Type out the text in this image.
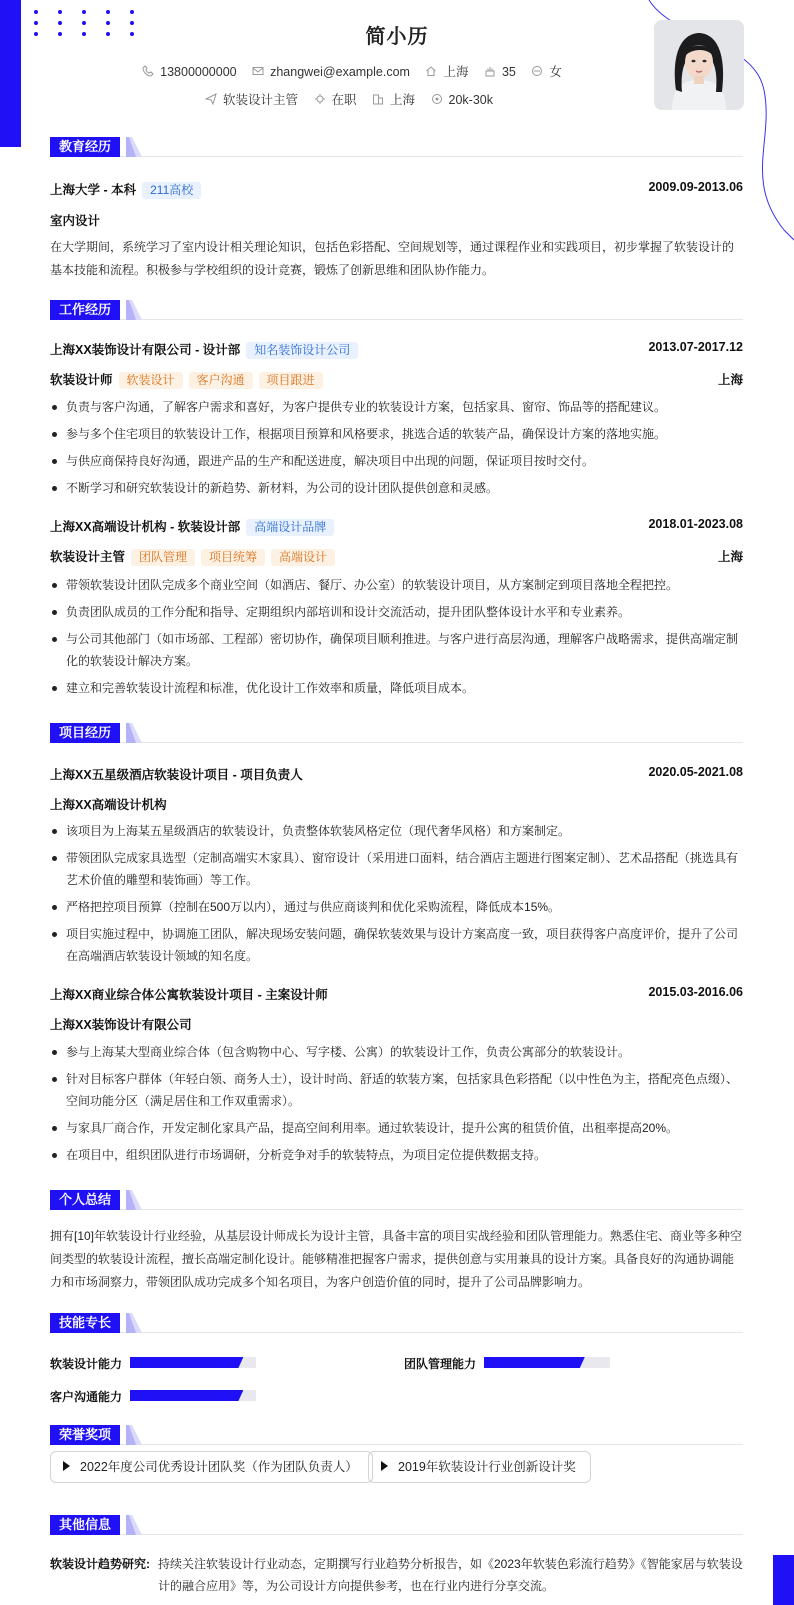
简小历
13800000000	zhangwei@example.com	上海	35	女
软装设计主管	在职	上海	20k-30k
教育经历
上海大学 - 本科 211高校	2009.09-2013.06
室内设计
在大学期间，系统学习了室内设计相关理论知识，包括色彩搭配、空间规划等，通过课程作业和实践项目，初步掌握了软装设计的基本技能和流程。积极参与学校组织的设计竞赛，锻炼了创新思维和团队协作能力。
工作经历
上海XX装饰设计有限公司 - 设计部 知名装饰设计公司	2013.07-2017.12
软装设计师 软装设计 客户沟通 项目跟进	上海
负责与客户沟通，了解客户需求和喜好，为客户提供专业的软装设计方案，包括家具、窗帘、饰品等的搭配建议。
参与多个住宅项目的软装设计工作，根据项目预算和风格要求，挑选合适的软装产品，确保设计方案的落地实施。
与供应商保持良好沟通，跟进产品的生产和配送进度，解决项目中出现的问题，保证项目按时交付。
不断学习和研究软装设计的新趋势、新材料，为公司的设计团队提供创意和灵感。
上海XX高端设计机构 - 软装设计部 高端设计品牌	2018.01-2023.08
软装设计主管 团队管理 项目统筹 高端设计	上海
带领软装设计团队完成多个商业空间（如酒店、餐厅、办公室）的软装设计项目，从方案制定到项目落地全程把控。
负责团队成员的工作分配和指导、定期组织内部培训和设计交流活动，提升团队整体设计水平和专业素养。
与公司其他部门（如市场部、工程部）密切协作，确保项目顺利推进。与客户进行高层沟通，理解客户战略需求，提供高端定制化的软装设计解决方案。
建立和完善软装设计流程和标准，优化设计工作效率和质量，降低项目成本。
项目经历
上海XX五星级酒店软装设计项目 - 项目负责人	2020.05-2021.08
上海XX高端设计机构
该项目为上海某五星级酒店的软装设计，负责整体软装风格定位（现代奢华风格）和方案制定。
带领团队完成家具选型（定制高端实木家具）、窗帘设计（采用进口面料，结合酒店主题进行图案定制）、艺术品搭配（挑选具有艺术价值的雕塑和装饰画）等工作。
严格把控项目预算（控制在500万以内），通过与供应商谈判和优化采购流程，降低成本15%。
项目实施过程中，协调施工团队，解决现场安装问题，确保软装效果与设计方案高度一致，项目获得客户高度评价，提升了公司在高端酒店软装设计领域的知名度。
上海XX商业综合体公寓软装设计项目 - 主案设计师	2015.03-2016.06
上海XX装饰设计有限公司
参与上海某大型商业综合体（包含购物中心、写字楼、公寓）的软装设计工作，负责公寓部分的软装设计。
针对目标客户群体（年轻白领、商务人士），设计时尚、舒适的软装方案，包括家具色彩搭配（以中性色为主，搭配亮色点缀）、空间功能分区（满足居住和工作双重需求）。
与家具厂商合作，开发定制化家具产品，提高空间利用率。通过软装设计，提升公寓的租赁价值，出租率提高20%。
在项目中，组织团队进行市场调研，分析竞争对手的软装特点，为项目定位提供数据支持。
个人总结
拥有[10]年软装设计行业经验，从基层设计师成长为设计主管，具备丰富的项目实战经验和团队管理能力。熟悉住宅、商业等多种空间类型的软装设计流程，擅长高端定制化设计。能够精准把握客户需求，提供创意与实用兼具的设计方案。具备良好的沟通协调能力和市场洞察力，带领团队成功完成多个知名项目，为客户创造价值的同时，提升了公司品牌影响力。
技能专长
软装设计能力	团队管理能力
客户沟通能力
荣誉奖项
2022年度公司优秀设计团队奖（作为团队负责人）	2019年软装设计行业创新设计奖
其他信息
软装设计趋势研究: 持续关注软装设计行业动态，定期撰写行业趋势分析报告，如《2023年软装色彩流行趋势》《智能家居与软装设计的融合应用》等，为公司设计方向提供参考，也在行业内进行分享交流。
